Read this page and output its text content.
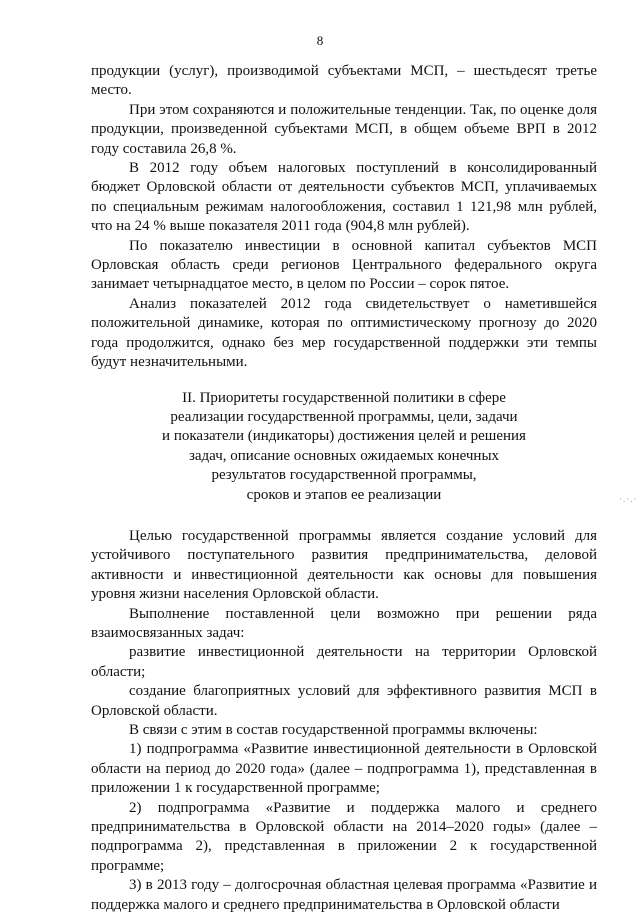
8

продукции (услуг), производимой субъектами МСП, – шестьдесят третье место.

При этом сохраняются и положительные тенденции. Так, по оценке доля продукции, произведенной субъектами МСП, в общем объеме ВРП в 2012 году составила 26,8 %.

В 2012 году объем налоговых поступлений в консолидированный бюджет Орловской области от деятельности субъектов МСП, уплачиваемых по специальным режимам налогообложения, составил 1 121,98 млн рублей, что на 24 % выше показателя 2011 года (904,8 млн рублей).

По показателю инвестиции в основной капитал субъектов МСП Орловская область среди регионов Центрального федерального округа занимает четырнадцатое место, в целом по России – сорок пятое.

Анализ показателей 2012 года свидетельствует о наметившейся положительной динамике, которая по оптимистическому прогнозу до 2020 года продолжится, однако без мер государственной поддержки эти темпы будут незначительными.

II. Приоритеты государственной политики в сфере
реализации государственной программы, цели, задачи
и показатели (индикаторы) достижения целей и решения
задач, описание основных ожидаемых конечных
результатов государственной программы,
сроков и этапов ее реализации

Целью государственной программы является создание условий для устойчивого поступательного развития предпринимательства, деловой активности и инвестиционной деятельности как основы для повышения уровня жизни населения Орловской области.

Выполнение поставленной цели возможно при решении ряда взаимосвязанных задач:

развитие инвестиционной деятельности на территории Орловской области;

создание благоприятных условий для эффективного развития МСП в Орловской области.

В связи с этим в состав государственной программы включены:

1) подпрограмма «Развитие инвестиционной деятельности в Орловской области на период до 2020 года» (далее – подпрограмма 1), представленная в приложении 1 к государственной программе;

2) подпрограмма «Развитие и поддержка малого и среднего предпринимательства в Орловской области на 2014–2020 годы» (далее – подпрограмма 2), представленная в приложении 2 к государственной программе;

3) в 2013 году – долгосрочная областная целевая программа «Развитие и поддержка малого и среднего предпринимательства в Орловской области

·.·.·
